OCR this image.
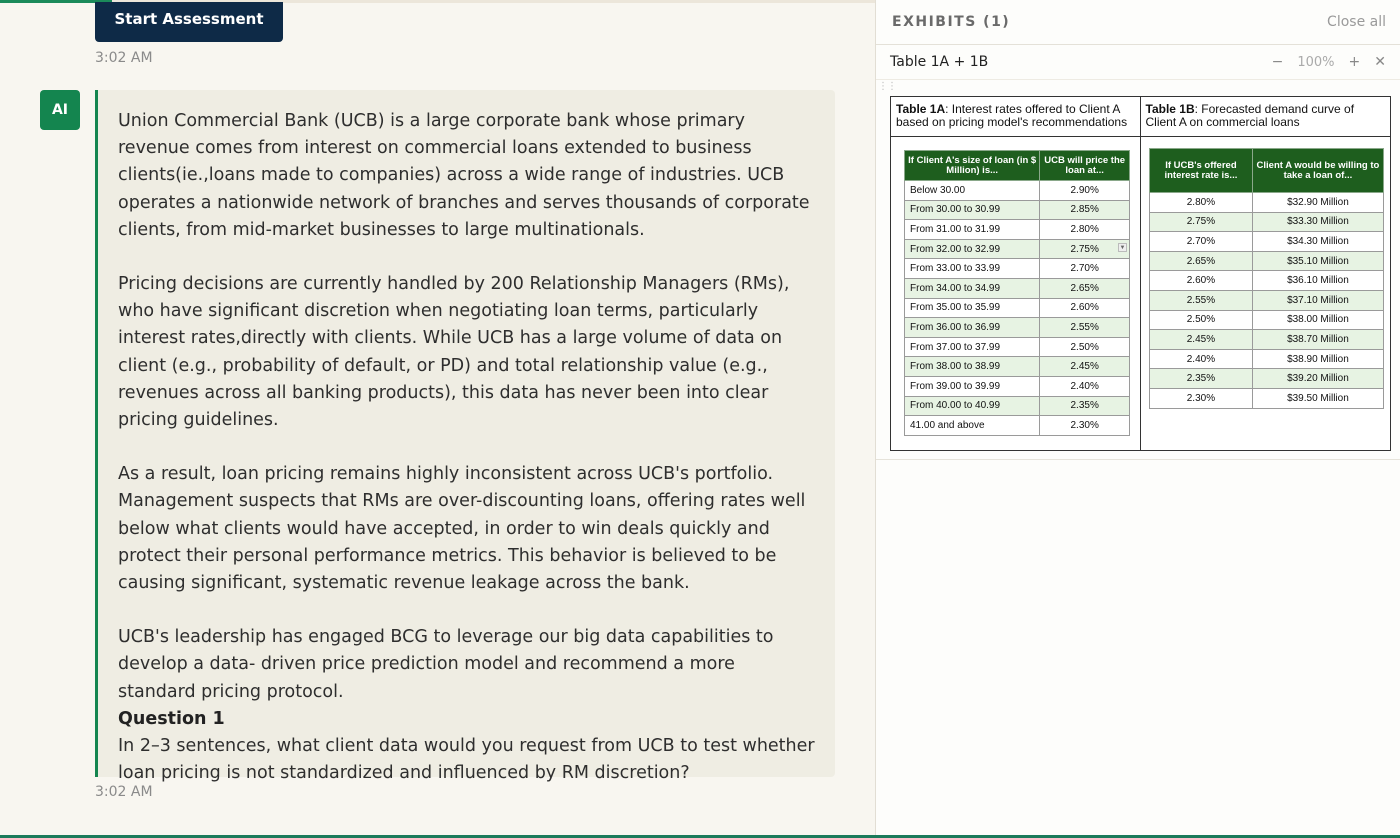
Start Assessment
3:02 AM
AI

Union Commercial Bank (UCB) is a large corporate bank whose primary revenue comes from interest on commercial loans extended to business clients(ie.,loans made to companies) across a wide range of industries. UCB operates a nationwide network of branches and serves thousands of corporate clients, from mid-market businesses to large multinationals.

Pricing decisions are currently handled by 200 Relationship Managers (RMs), who have significant discretion when negotiating loan terms, particularly interest rates,directly with clients. While UCB has a large volume of data on client (e.g., probability of default, or PD) and total relationship value (e.g., revenues across all banking products), this data has never been into clear pricing guidelines.

As a result, loan pricing remains highly inconsistent across UCB's portfolio. Management suspects that RMs are over-discounting loans, offering rates well below what clients would have accepted, in order to win deals quickly and protect their personal performance metrics. This behavior is believed to be causing significant, systematic revenue leakage across the bank.

UCB's leadership has engaged BCG to leverage our big data capabilities to develop a data- driven price prediction model and recommend a more standard pricing protocol.

Question 1

In 2–3 sentences, what client data would you request from UCB to test whether loan pricing is not standardized and influenced by RM discretion?

3:02 AM
EXHIBITS (1)	Close all
Table 1A + 1B	− 100% + ✕
⋮⋮
Table 1A: Interest rates offered to Client A based on pricing model's recommendations
If Client A's size of loan (in $ Million) is...	UCB will price the loan at...
Below 30.00	2.90%
From 30.00 to 30.99	2.85%
From 31.00 to 31.99	2.80%
From 32.00 to 32.99	2.75% ▼

From 33.00 to 33.99	2.70%
From 34.00 to 34.99	2.65%
From 35.00 to 35.99	2.60%
From 36.00 to 36.99	2.55%
From 37.00 to 37.99	2.50%
From 38.00 to 38.99	2.45%
From 39.00 to 39.99	2.40%
From 40.00 to 40.99	2.35%
41.00 and above	2.30%
Table 1B: Forecasted demand curve of Client A on commercial loans
If UCB's offered interest rate is...	Client A would be willing to take a loan of...
2.80%	$32.90 Million
2.75%	$33.30 Million
2.70%	$34.30 Million
2.65%	$35.10 Million
2.60%	$36.10 Million
2.55%	$37.10 Million
2.50%	$38.00 Million
2.45%	$38.70 Million
2.40%	$38.90 Million
2.35%	$39.20 Million
2.30%	$39.50 Million
